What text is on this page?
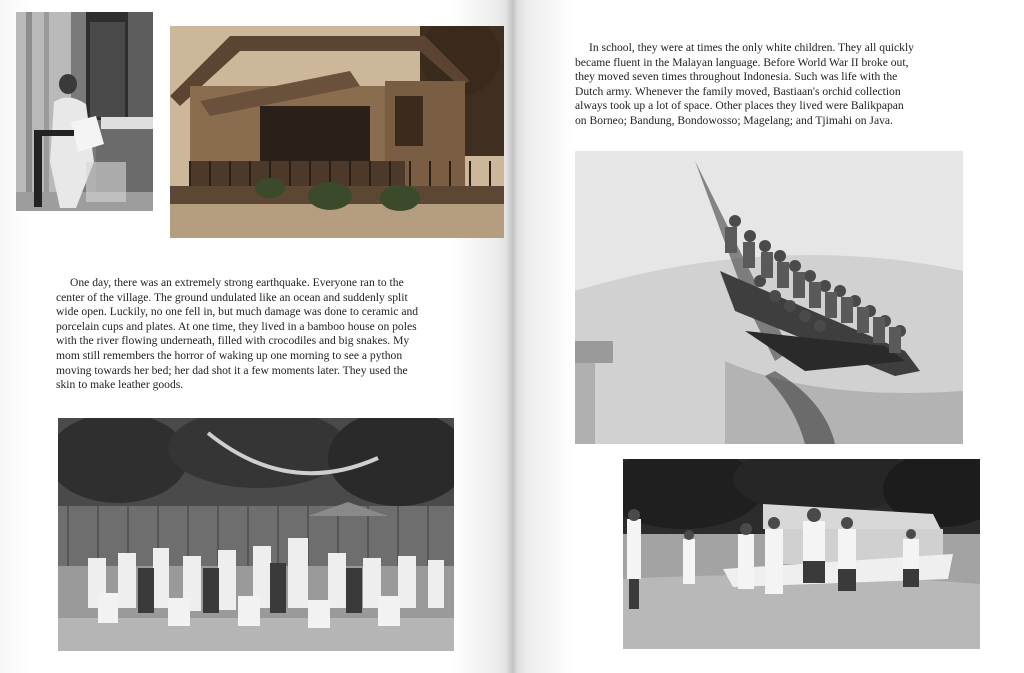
One day, there was an extremely strong earthquake. Everyone ran to the
center of the village. The ground undulated like an ocean and suddenly split
wide open. Luckily, no one fell in, but much damage was done to ceramic and
porcelain cups and plates. At one time, they lived in a bamboo house on poles
with the river flowing underneath, filled with crocodiles and big snakes. My
mom still remembers the horror of waking up one morning to see a python
moving towards her bed; her dad shot it a few moments later. They used the
skin to make leather goods.
In school, they were at times the only white children. They all quickly
became fluent in the Malayan language. Before World War II broke out,
they moved seven times throughout Indonesia. Such was life with the
Dutch army. Whenever the family moved, Bastiaan's orchid collection
always took up a lot of space. Other places they lived were Balikpapan
on Borneo; Bandung, Bondowosso; Magelang; and Tjimahi on Java.
